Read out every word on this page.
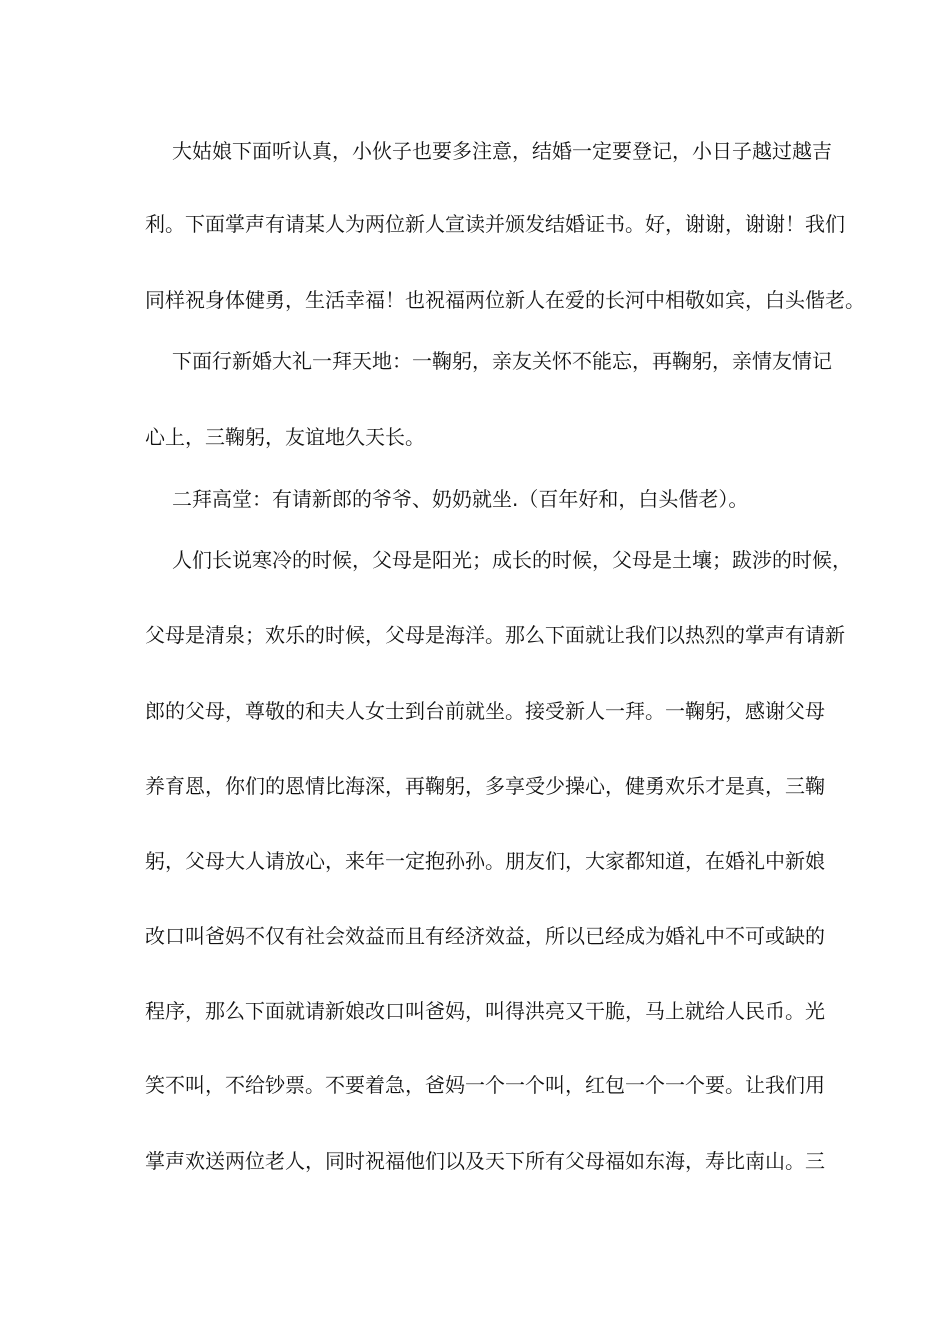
大姑娘下面听认真，小伙子也要多注意，结婚一定要登记，小日子越过越吉
利。下面掌声有请某人为两位新人宣读并颁发结婚证书。好，谢谢，谢谢！我们
同样祝身体健勇，生活幸福！也祝福两位新人在爱的长河中相敬如宾，白头偕老。
下面行新婚大礼一拜天地：一鞠躬，亲友关怀不能忘，再鞠躬，亲情友情记
心上，三鞠躬，友谊地久天长。
二拜高堂：有请新郎的爷爷、奶奶就坐.（百年好和，白头偕老）。
人们长说寒冷的时候，父母是阳光；成长的时候，父母是土壤；跋涉的时候，
父母是清泉；欢乐的时候，父母是海洋。那么下面就让我们以热烈的掌声有请新
郎的父母，尊敬的和夫人女士到台前就坐。接受新人一拜。一鞠躬，感谢父母
养育恩，你们的恩情比海深，再鞠躬，多享受少操心，健勇欢乐才是真，三鞠
躬，父母大人请放心，来年一定抱孙孙。朋友们，大家都知道，在婚礼中新娘
改口叫爸妈不仅有社会效益而且有经济效益，所以已经成为婚礼中不可或缺的
程序，那么下面就请新娘改口叫爸妈，叫得洪亮又干脆，马上就给人民币。光
笑不叫，不给钞票。不要着急，爸妈一个一个叫，红包一个一个要。让我们用
掌声欢送两位老人，同时祝福他们以及天下所有父母福如东海，寿比南山。三
